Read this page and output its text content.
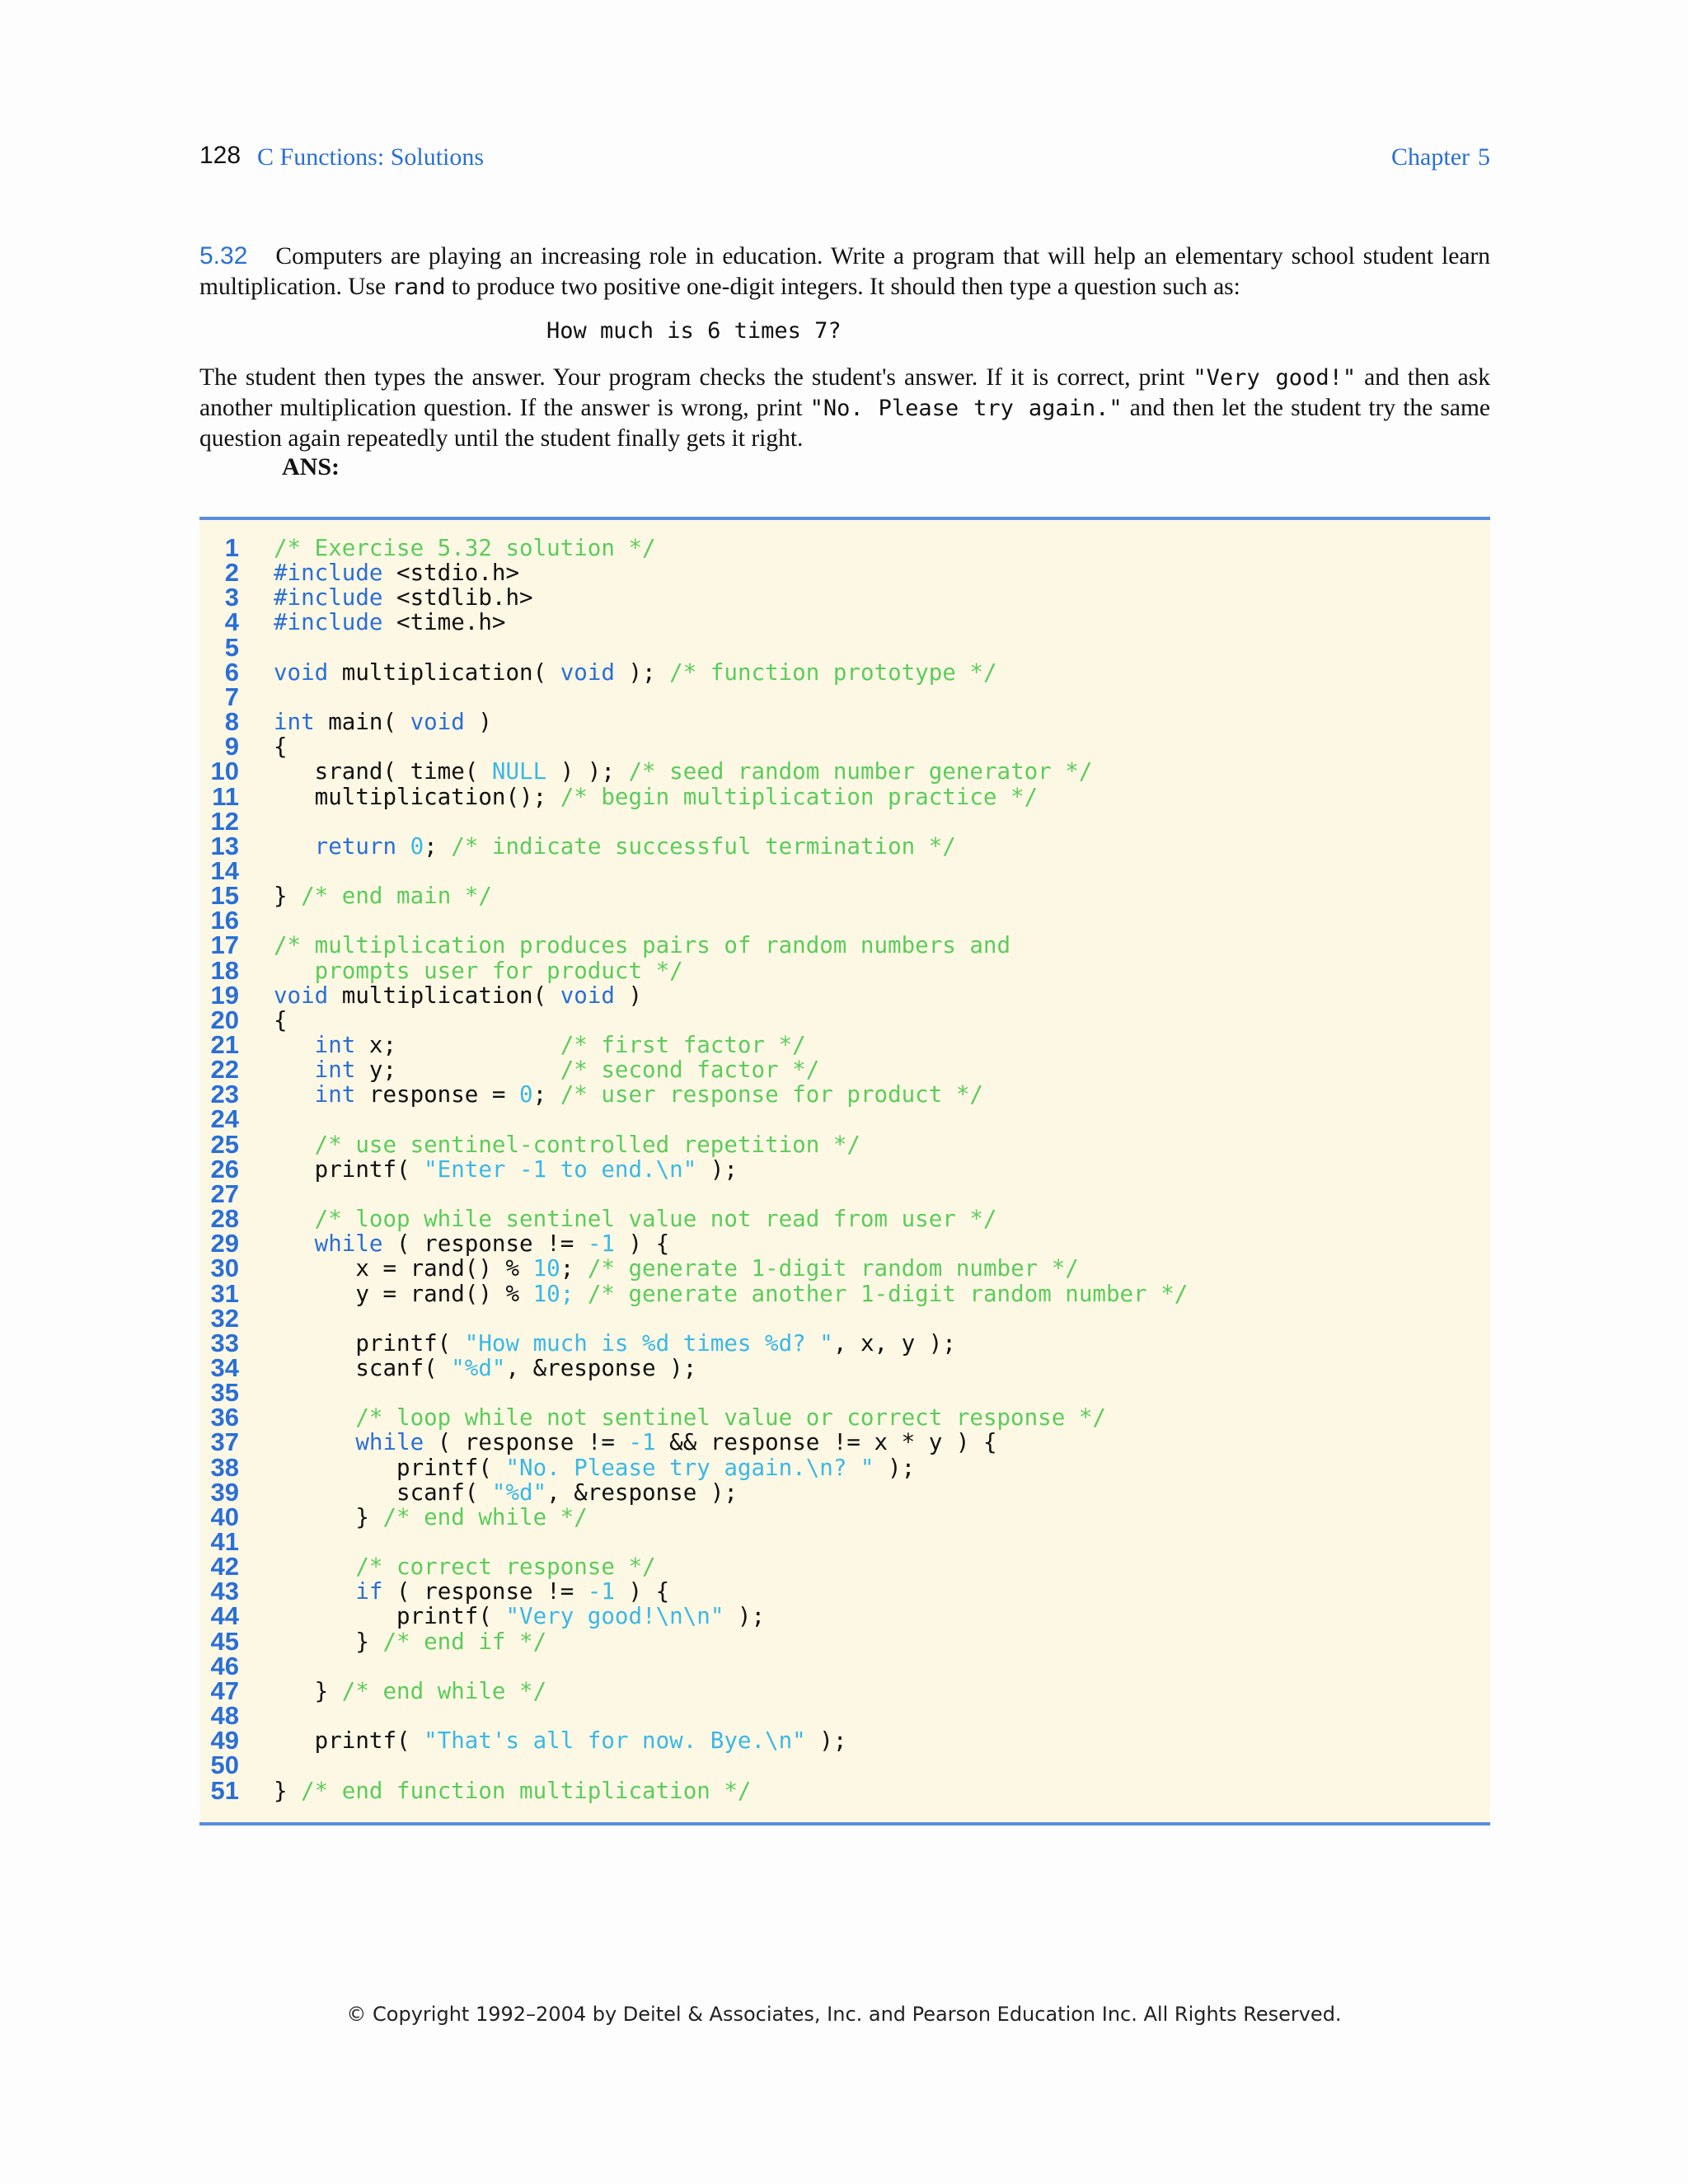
128 C Functions: Solutions	Chapter 5
5.32 Computers are playing an increasing role in education. Write a program that will help an elementary school student learn multiplication. Use rand to produce two positive one-digit integers. It should then type a question such as:
How much is 6 times 7?
The student then types the answer. Your program checks the student's answer. If it is correct, print "Very good!" and then ask another multiplication question. If the answer is wrong, print "No. Please try again." and then let the student try the same question again repeatedly until the student finally gets it right.
ANS:
1 /* Exercise 5.32 solution */
2 #include <stdio.h>
3 #include <stdlib.h>
4 #include <time.h>
5
6 void multiplication( void ); /* function prototype */
7
8 int main( void )
9 {
10 srand( time( NULL ) ); /* seed random number generator */
11 multiplication(); /* begin multiplication practice */
12
13	return 0; /* indicate successful termination */
14
15 } /* end main */
16
17 /* multiplication produces pairs of random numbers and
18 prompts user for product */
19 void multiplication( void )
20 {
21	int x;            /* first factor */
22	int y;            /* second factor */
23	int response = 0; /* user response for product */
24
25	/* use sentinel-controlled repetition */
26 printf( "Enter -1 to end.\n" );
27
28	/* loop while sentinel value not read from user */
29	while ( response != -1 ) {
30 x = rand() % 10; /* generate 1-digit random number */
31 y = rand() % 10; /* generate another 1-digit random number */
32
33 printf( "How much is %d times %d? ", x, y );
34 scanf( "%d", &response );
35
36	/* loop while not sentinel value or correct response */
37	while ( response != -1 && response != x * y ) {
38 printf( "No. Please try again.\n? " );
39 scanf( "%d", &response );
40 } /* end while */
41
42	/* correct response */
43	if ( response != -1 ) {
44 printf( "Very good!\n\n" );
45 } /* end if */
46
47 } /* end while */
48
49 printf( "That's all for now. Bye.\n" );
50
51 } /* end function multiplication */
© Copyright 1992–2004 by Deitel & Associates, Inc. and Pearson Education Inc. All Rights Reserved.
